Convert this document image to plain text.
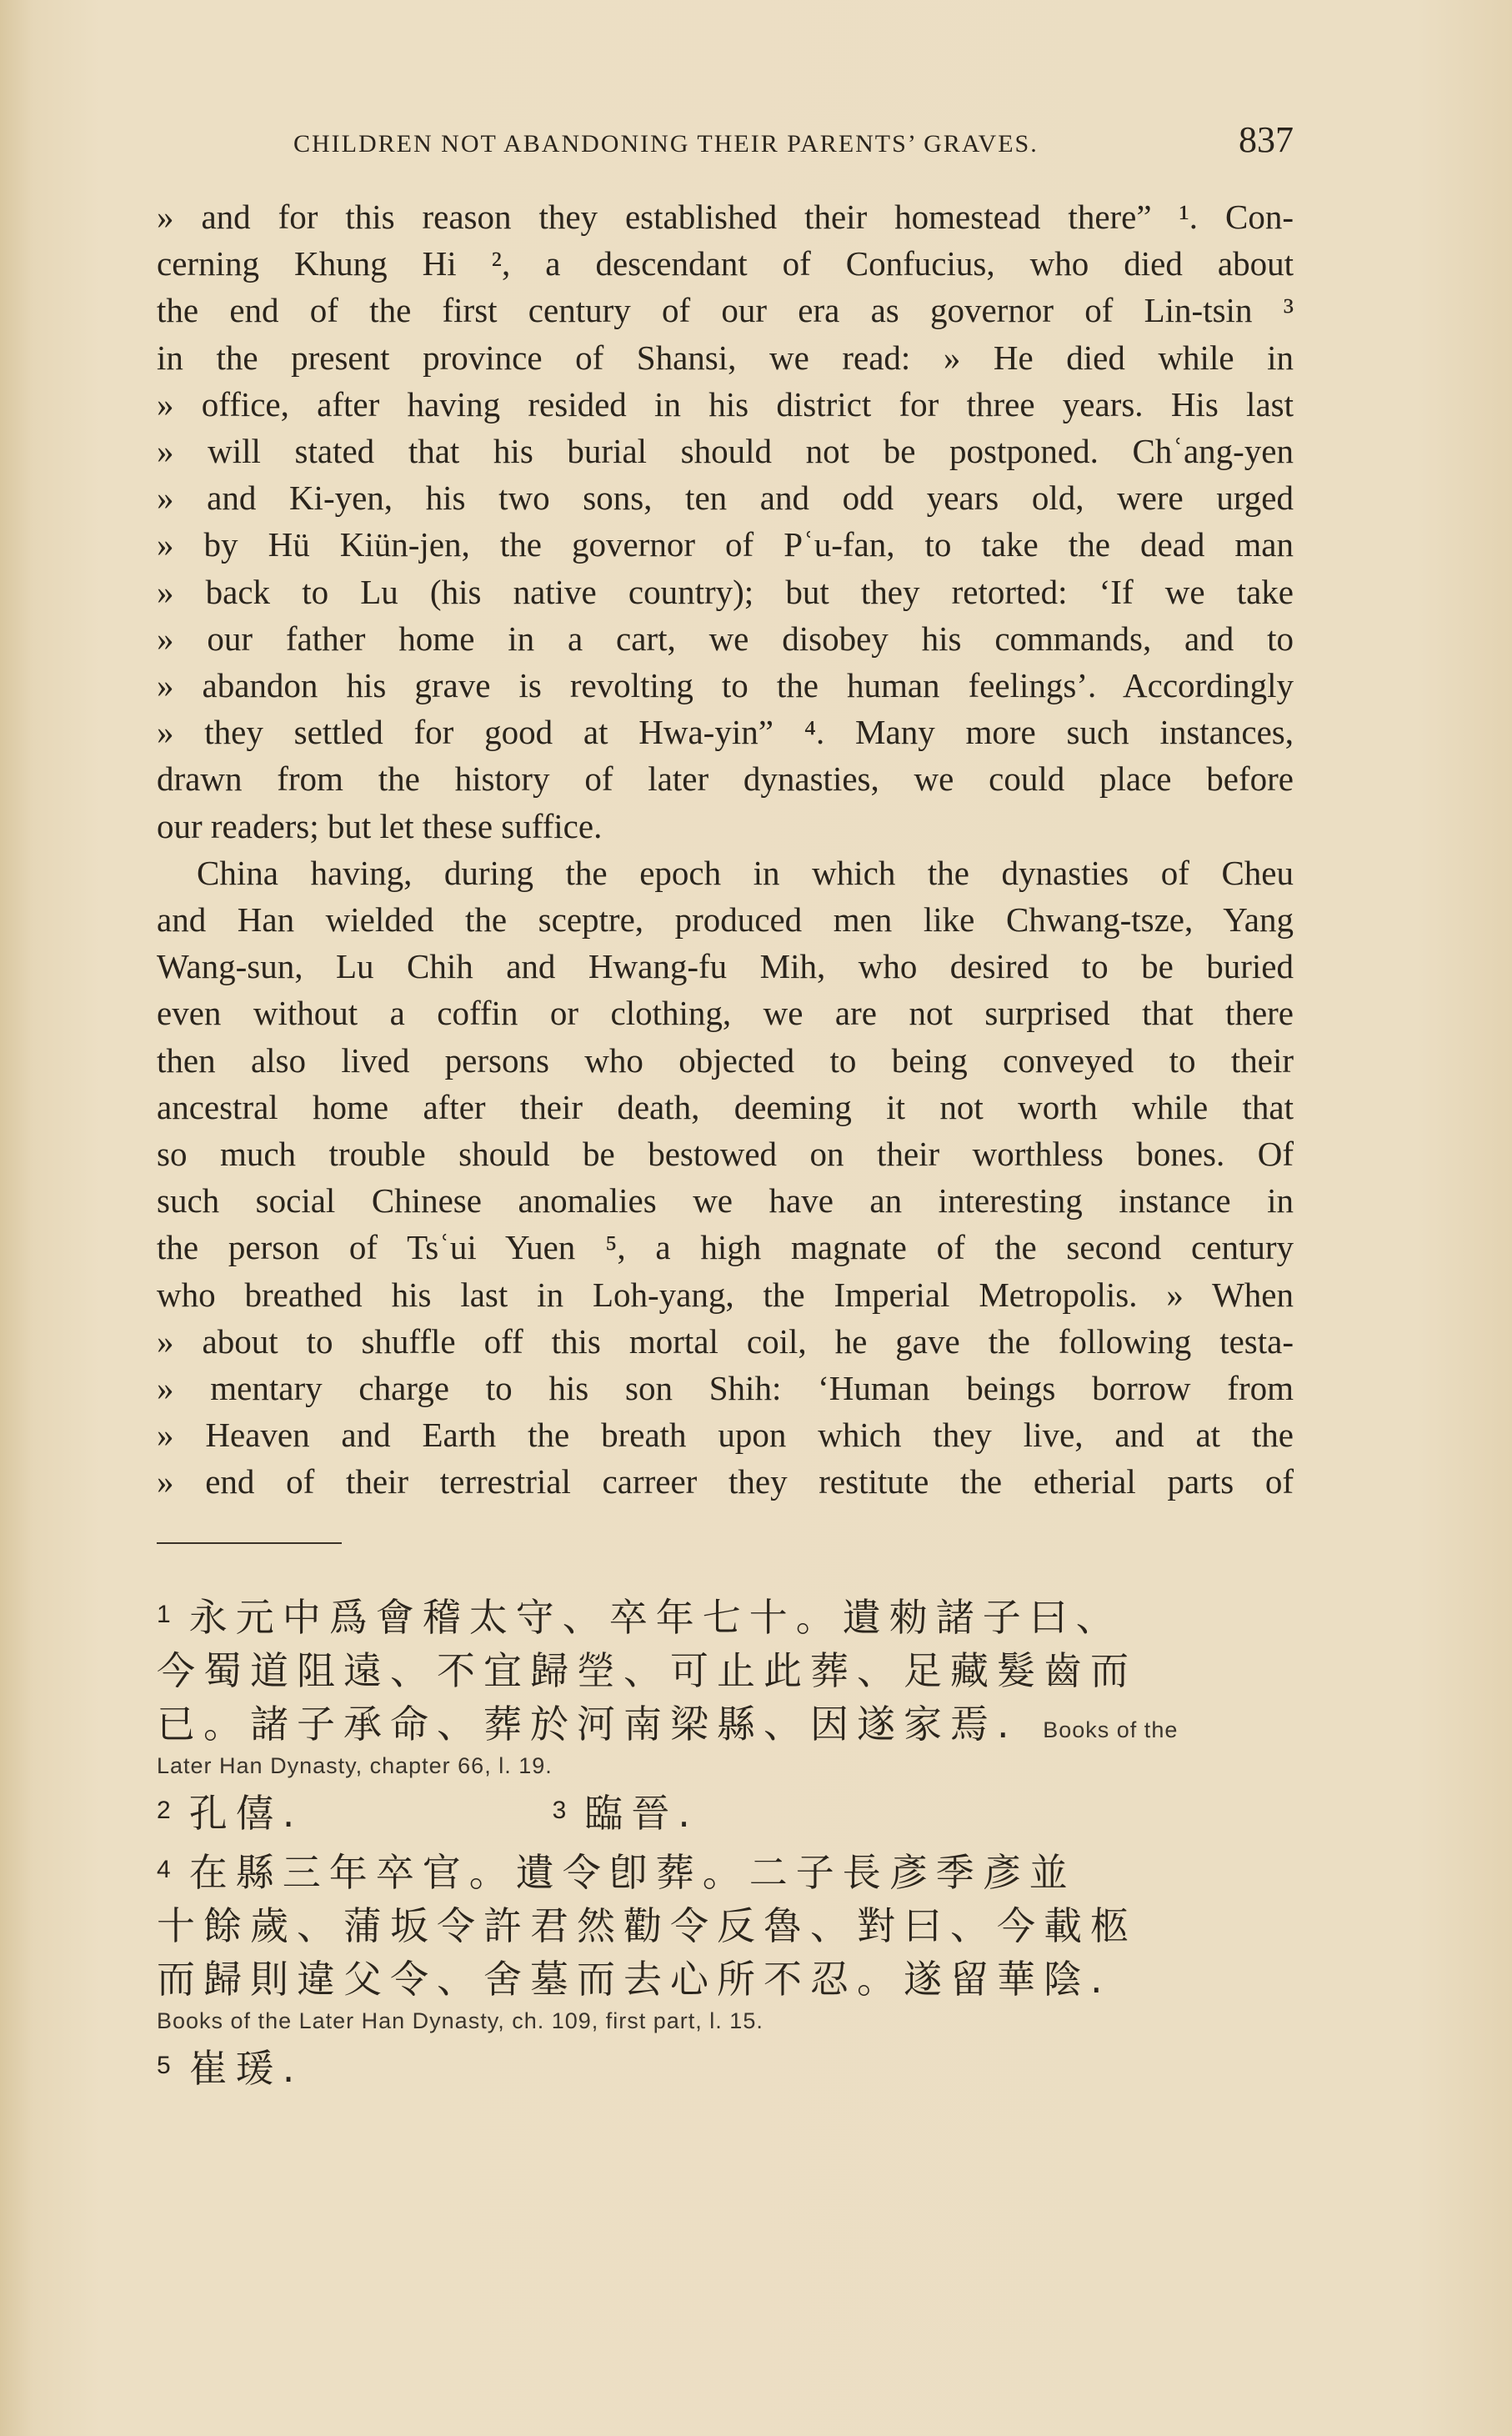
CHILDREN NOT ABANDONING THEIR PARENTS’ GRAVES.	837
» and for this reason they established their homestead there” ¹. Con-
cerning Khung Hi ², a descendant of Confucius, who died about
the end of the first century of our era as governor of Lin-tsin ³
in the present province of Shansi, we read: » He died while in
» office, after having resided in his district for three years. His last
» will stated that his burial should not be postponed. Chʿang-yen
» and Ki-yen, his two sons, ten and odd years old, were urged
» by Hü Kiün-jen, the governor of Pʿu-fan, to take the dead man
» back to Lu (his native country); but they retorted: ‘If we take
» our father home in a cart, we disobey his commands, and to
» abandon his grave is revolting to the human feelings’. Accordingly
» they settled for good at Hwa-yin” ⁴. Many more such instances,
drawn from the history of later dynasties, we could place before
our readers; but let these suffice.
China having, during the epoch in which the dynasties of Cheu
and Han wielded the sceptre, produced men like Chwang-tsze, Yang
Wang-sun, Lu Chih and Hwang-fu Mih, who desired to be buried
even without a coffin or clothing, we are not surprised that there
then also lived persons who objected to being conveyed to their
ancestral home after their death, deeming it not worth while that
so much trouble should be bestowed on their worthless bones. Of
such social Chinese anomalies we have an interesting instance in
the person of Tsʿui Yuen ⁵, a high magnate of the second century
who breathed his last in Loh-yang, the Imperial Metropolis. » When
» about to shuffle off this mortal coil, he gave the following testa-
» mentary charge to his son Shih: ‘Human beings borrow from
» Heaven and Earth the breath upon which they live, and at the
» end of their terrestrial carreer they restitute the etherial parts of
$^1$ 永元中爲會稽太守、卒年七十。遺勑諸子曰、
今蜀道阻遠、不宜歸塋、可止此葬、足藏髮齒而
已。諸子承命、葬於河南梁縣、因遂家焉. Books of the
Later Han Dynasty, chapter 66, l. 19.
$^2$ 孔僖.	$^3$ 臨晉.
$^4$ 在縣三年卒官。遺令卽葬。二子長彥季彥並
十餘歲、蒲坂令許君然勸令反魯、對曰、今載柩
而歸則違父令、舍墓而去心所不忍。遂留華陰.
Books of the Later Han Dynasty, ch. 109, first part, l. 15.
$^5$ 崔瑗.
